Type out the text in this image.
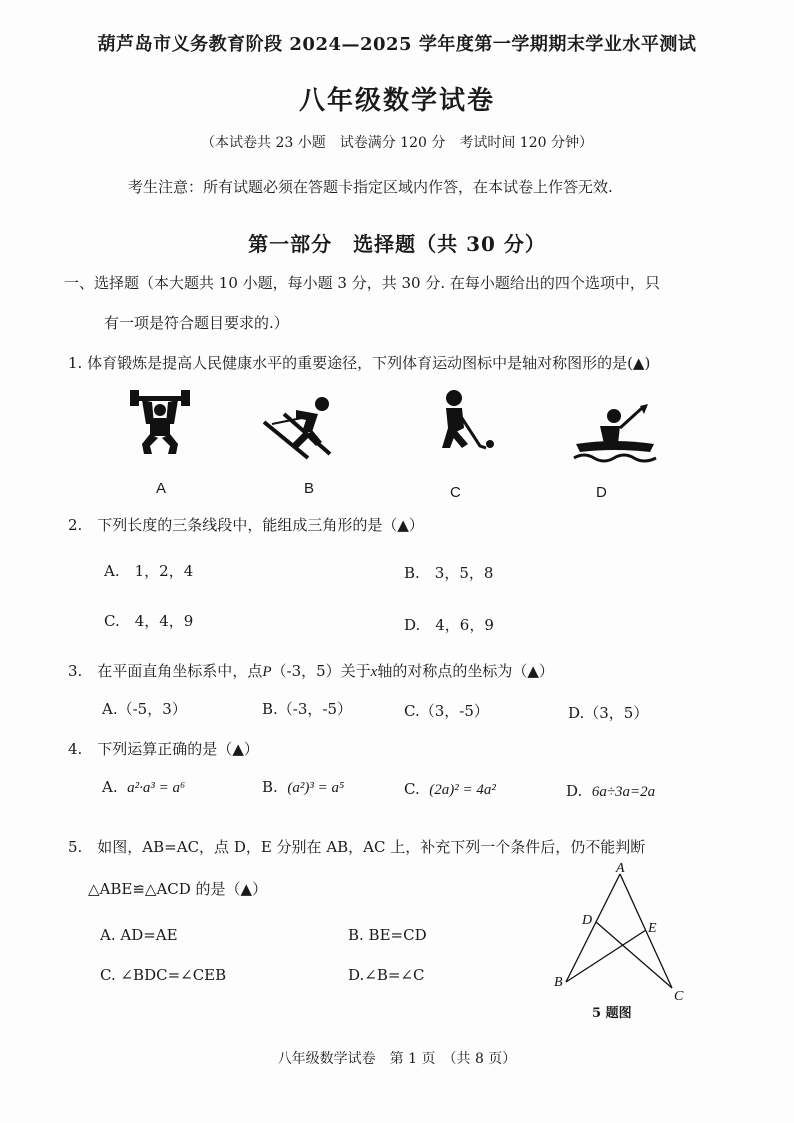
葫芦岛市义务教育阶段 2024—2025 学年度第一学期期末学业水平测试
八年级数学试卷
（本试卷共 23 小题　试卷满分 120 分　考试时间 120 分钟）
考生注意：所有试题必须在答题卡指定区域内作答，在本试卷上作答无效.
第一部分　选择题（共 30 分）
一、选择题（本大题共 10 小题，每小题 3 分，共 30 分. 在每小题给出的四个选项中，只
有一项是符合题目要求的.）
1. 体育锻炼是提高人民健康水平的重要途径，下列体育运动图标中是轴对称图形的是(▲)
A	B	C	D
2.　下列长度的三条线段中，能组成三角形的是（▲）
A.　1，2，4	B.　3，5，8
C.　4，4，9	D.　4，6，9
3.　在平面直角坐标系中，点P（-3，5）关于x轴的对称点的坐标为（▲）
A.（-5，3）	B.（-3，-5）	C.（3，-5）	D.（3，5）
4.　下列运算正确的是（▲）
A. a²·a³ = a⁶	B. (a²)³ = a⁵	C. (2a)² = 4a²	D. 6a÷3a=2a
5.　如图，AB=AC，点 D，E 分别在 AB，AC 上，补充下列一个条件后，仍不能判断
△ABE≌△ACD 的是（▲）
A. AD=AE	B. BE=CD
C. ∠BDC=∠CEB	D.∠B=∠C
A
B
C
D
E
5 题图
八年级数学试卷　第 1 页　（共 8 页）
